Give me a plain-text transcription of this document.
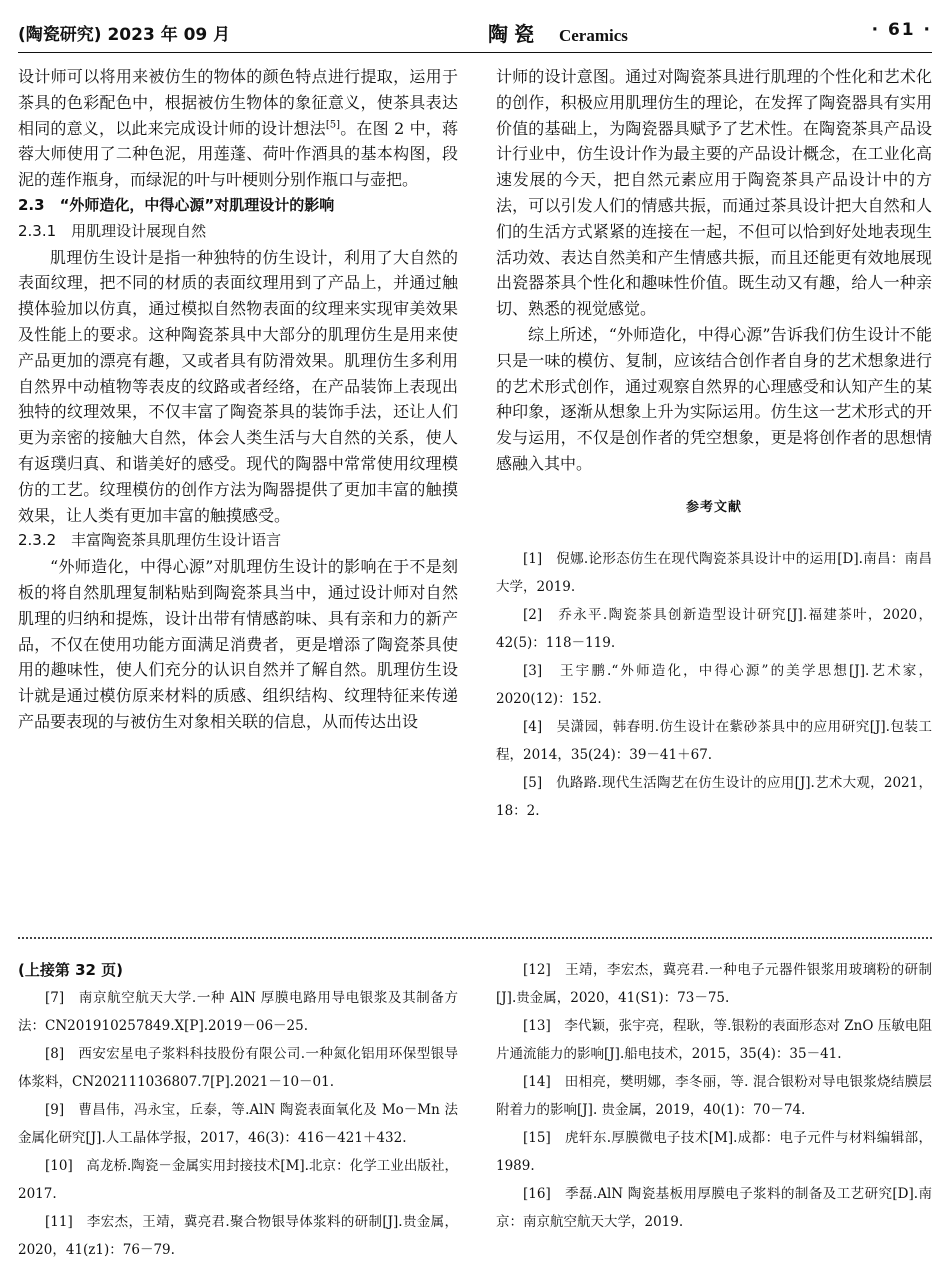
(陶瓷研究) 2023 年 09 月	陶瓷 Ceramics	· 61 ·

设计师可以将用来被仿生的物体的颜色特点进行提取，运用于茶具的色彩配色中，根据被仿生物体的象征意义，使茶具表达相同的意义，以此来完成设计师的设计想法[5]。在图 2 中，蒋蓉大师使用了二种色泥，用莲蓬、荷叶作酒具的基本构图，段泥的莲作瓶身，而绿泥的叶与叶梗则分别作瓶口与壶把。

2.3　“外师造化，中得心源”对肌理设计的影响

2.3.1　用肌理设计展现自然

肌理仿生设计是指一种独特的仿生设计，利用了大自然的表面纹理，把不同的材质的表面纹理用到了产品上，并通过触摸体验加以仿真，通过模拟自然物表面的纹理来实现审美效果及性能上的要求。这种陶瓷茶具中大部分的肌理仿生是用来使产品更加的漂亮有趣，又或者具有防滑效果。肌理仿生多利用自然界中动植物等表皮的纹路或者经络，在产品装饰上表现出独特的纹理效果，不仅丰富了陶瓷茶具的装饰手法，还让人们更为亲密的接触大自然，体会人类生活与大自然的关系，使人有返璞归真、和谐美好的感受。现代的陶器中常常使用纹理模仿的工艺。纹理模仿的创作方法为陶器提供了更加丰富的触摸效果，让人类有更加丰富的触摸感受。

2.3.2　丰富陶瓷茶具肌理仿生设计语言

“外师造化，中得心源”对肌理仿生设计的影响在于不是刻板的将自然肌理复制粘贴到陶瓷茶具当中，通过设计师对自然肌理的归纳和提炼，设计出带有情感韵味、具有亲和力的新产品，不仅在使用功能方面满足消费者，更是增添了陶瓷茶具使用的趣味性，使人们充分的认识自然并了解自然。肌理仿生设计就是通过模仿原来材料的质感、组织结构、纹理特征来传递产品要表现的与被仿生对象相关联的信息，从而传达出设

计师的设计意图。通过对陶瓷茶具进行肌理的个性化和艺术化的创作，积极应用肌理仿生的理论，在发挥了陶瓷器具有实用价值的基础上，为陶瓷器具赋予了艺术性。在陶瓷茶具产品设计行业中，仿生设计作为最主要的产品设计概念，在工业化高速发展的今天，把自然元素应用于陶瓷茶具产品设计中的方法，可以引发人们的情感共振，而通过茶具设计把大自然和人们的生活方式紧紧的连接在一起，不但可以恰到好处地表现生活功效、表达自然美和产生情感共振，而且还能更有效地展现出瓷器茶具个性化和趣味性价值。既生动又有趣，给人一种亲切、熟悉的视觉感觉。

综上所述，“外师造化，中得心源”告诉我们仿生设计不能只是一味的模仿、复制，应该结合创作者自身的艺术想象进行的艺术形式创作，通过观察自然界的心理感受和认知产生的某种印象，逐渐从想象上升为实际运用。仿生这一艺术形式的开发与运用，不仅是创作者的凭空想象，更是将创作者的思想情感融入其中。

参考文献
[1]　倪娜.论形态仿生在现代陶瓷茶具设计中的运用[D].南昌：南昌大学，2019.
[2]　乔永平.陶瓷茶具创新造型设计研究[J].福建茶叶，2020，42(5)：118－119.
[3]　王宇鹏.“外师造化，中得心源”的美学思想[J].艺术家，2020(12)：152.
[4]　吴潇园，韩春明.仿生设计在紫砂茶具中的应用研究[J].包装工程，2014，35(24)：39－41＋67.
[5]　仇路路.现代生活陶艺在仿生设计的应用[J].艺术大观，2021，18：2.

(上接第 32 页)

[7]　南京航空航天大学.一种 AlN 厚膜电路用导电银浆及其制备方法：CN201910257849.X[P].2019－06－25.

[8]　西安宏星电子浆料科技股份有限公司.一种氮化铝用环保型银导体浆料，CN202111036807.7[P].2021－10－01.

[9]　曹昌伟，冯永宝，丘泰，等.AlN 陶瓷表面氧化及 Mo－Mn 法金属化研究[J].人工晶体学报，2017，46(3)：416－421＋432.

[10]　高龙桥.陶瓷－金属实用封接技术[M].北京：化学工业出版社，2017.

[11]　李宏杰，王靖，冀亮君.聚合物银导体浆料的研制[J].贵金属，2020，41(z1)：76－79.

[12]　王靖，李宏杰，冀亮君.一种电子元器件银浆用玻璃粉的研制[J].贵金属，2020，41(S1)：73－75.

[13]　李代颖，张宇亮，程耿，等.银粉的表面形态对 ZnO 压敏电阻片通流能力的影响[J].船电技术，2015，35(4)：35－41.

[14]　田相亮，樊明娜，李冬丽，等. 混合银粉对导电银浆烧结膜层附着力的影响[J]. 贵金属，2019，40(1)：70－74.

[15]　虎轩东.厚膜微电子技术[M].成都：电子元件与材料编辑部，1989.

[16]　季磊.AlN 陶瓷基板用厚膜电子浆料的制备及工艺研究[D].南京：南京航空航天大学，2019.
